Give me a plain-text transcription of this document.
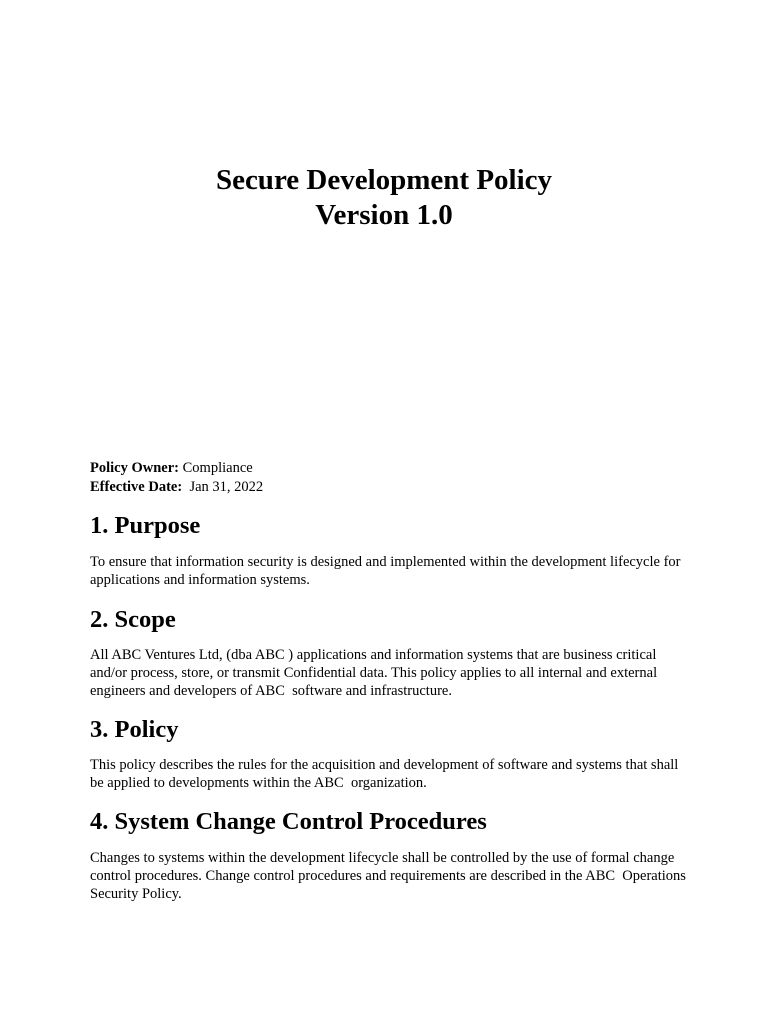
Secure Development Policy

Version 1.0

Policy Owner: Compliance

Effective Date:  Jan 31, 2022

1. Purpose

To ensure that information security is designed and implemented within the development lifecycle for applications and information systems.

2. Scope

All ABC Ventures Ltd, (dba ABC ) applications and information systems that are business critical and/or process, store, or transmit Confidential data. This policy applies to all internal and external engineers and developers of ABC  software and infrastructure.

3. Policy

This policy describes the rules for the acquisition and development of software and systems that shall be applied to developments within the ABC  organization.

4. System Change Control Procedures

Changes to systems within the development lifecycle shall be controlled by the use of formal change control procedures. Change control procedures and requirements are described in the ABC  Operations Security Policy.
